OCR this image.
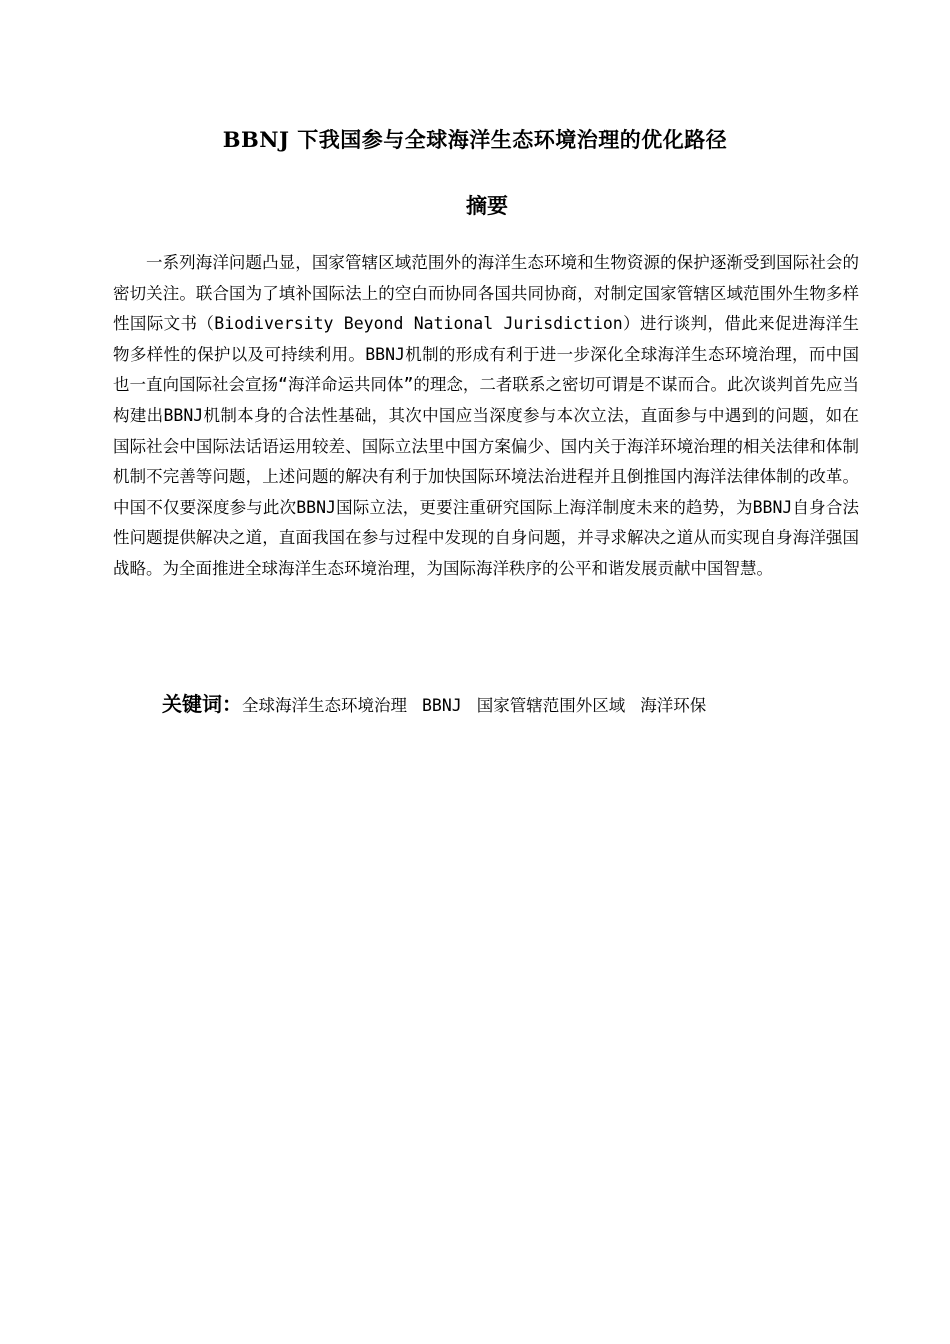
BBNJ 下我国参与全球海洋生态环境治理的优化路径
摘要

一系列海洋问题凸显，国家管辖区域范围外的海洋生态环境和生物资源的保护逐渐受到国际社会的密切关注。联合国为了填补国际法上的空白而协同各国共同协商，对制定国家管辖区域范围外生物多样性国际文书（Biodiversity Beyond National Jurisdiction）进行谈判，借此来促进海洋生物多样性的保护以及可持续利用。BBNJ机制的形成有利于进一步深化全球海洋生态环境治理，而中国也一直向国际社会宣扬“海洋命运共同体”的理念，二者联系之密切可谓是不谋而合。此次谈判首先应当构建出BBNJ机制本身的合法性基础，其次中国应当深度参与本次立法，直面参与中遇到的问题，如在国际社会中国际法话语运用较差、国际立法里中国方案偏少、国内关于海洋环境治理的相关法律和体制机制不完善等问题，上述问题的解决有利于加快国际环境法治进程并且倒推国内海洋法律体制的改革。中国不仅要深度参与此次BBNJ国际立法，更要注重研究国际上海洋制度未来的趋势，为BBNJ自身合法性问题提供解决之道，直面我国在参与过程中发现的自身问题，并寻求解决之道从而实现自身海洋强国战略。为全面推进全球海洋生态环境治理，为国际海洋秩序的公平和谐发展贡献中国智慧。

关键词：全球海洋生态环境治理 BBNJ 国家管辖范围外区域 海洋环保
